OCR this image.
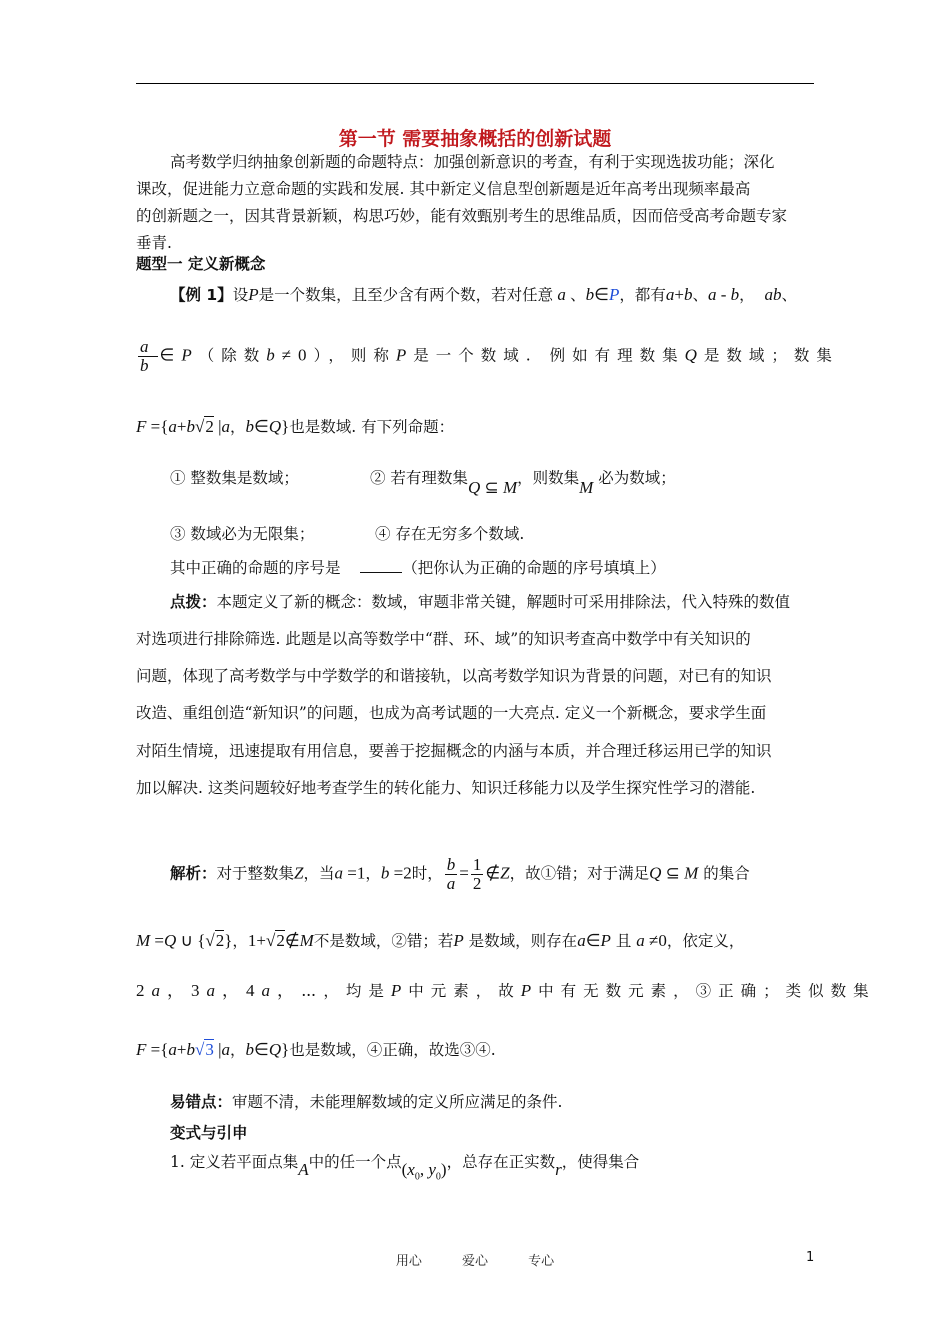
第一节 需要抽象概括的创新试题
高考数学归纳抽象创新题的命题特点：加强创新意识的考查，有利于实现选拔功能；深化
课改，促进能力立意命题的实践和发展. 其中新定义信息型创新题是近年高考出现频率最高
的创新题之一，因其背景新颖，构思巧妙，能有效甄别考生的思维品质，因而倍受高考命题专家
垂青.
题型一 定义新概念
【例 1】设P是一个数集，且至少含有两个数，若对任意 a 、b∈P，都有a+b、a - b，  ab、
$\frac{a}{b}$ ∈P（除数b≠0），则称P是一个数域. 例如有理数集Q是数域；数集
F ={a+b√2 |a，b∈Q}也是数域. 有下列命题：
① 整数集是数域；	② 若有理数集Q ⊆ M，则数集M 必为数域；
③ 数域必为无限集；	④ 存在无穷多个数域.
其中正确的命题的序号是	（把你认为正确的命题的序号填填上）
点拨：本题定义了新的概念：数域，审题非常关键，解题时可采用排除法，代入特殊的数值
对选项进行排除筛选. 此题是以高等数学中“群、环、域”的知识考查高中数学中有关知识的
问题，体现了高考数学与中学数学的和谐接轨，以高考数学知识为背景的问题，对已有的知识
改造、重组创造“新知识”的问题，也成为高考试题的一大亮点. 定义一个新概念，要求学生面
对陌生情境，迅速提取有用信息，要善于挖掘概念的内涵与本质，并合理迁移运用已学的知识
加以解决. 这类问题较好地考查学生的转化能力、知识迁移能力以及学生探究性学习的潜能.
解析：对于整数集Z，当a =1，b =2时， $\frac{b}{a} = \frac{1}{2}$ ∉Z，故①错；对于满足Q ⊆ M 的集合
M =Q ∪ {√2}，1+√2∉M不是数域，②错；若P 是数域，则存在a∈P 且 a ≠0，依定义，
2a，3a，4a，⋯，均是P中元素，故P中有无数元素，③正确；类似数集
F ={a+b√3 |a，b∈Q}也是数域，④正确，故选③④.
易错点：审题不清，未能理解数域的定义所应满足的条件.
变式与引申
1. 定义若平面点集A中的任一个点($x_0$, $y_0$)，总存在正实数r，使得集合
用心	爱心	专心	1
